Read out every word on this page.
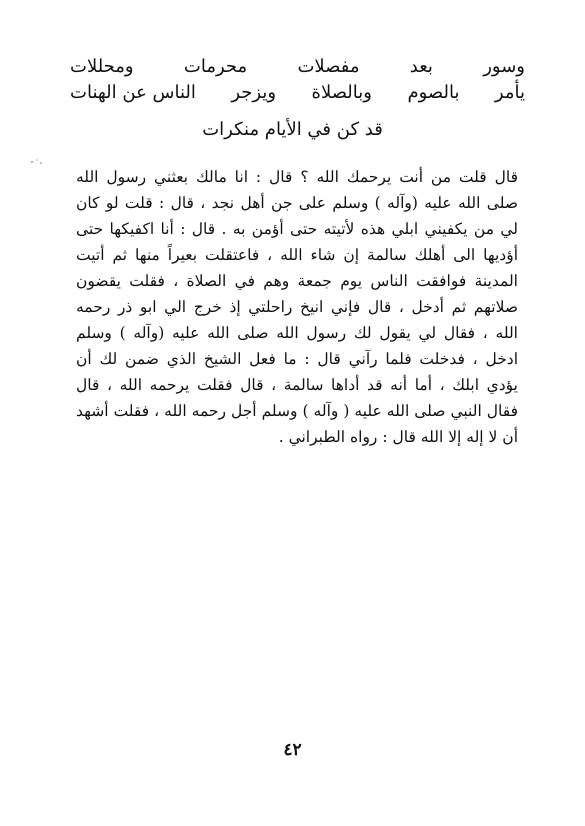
وسور
بعد
مفصلات
محرمات
ومحللات
يأمر
بالصوم
وبالصلاة
ويزجر
الناس عن الهنات
قد كن في الأيام منكرات

قال قلت من أنت يرحمك الله ؟ قال : انا مالك بعثني رسول الله
صلى الله عليه (وآله ) وسلم على جن أهل نجد ، قال : قلت لو كان
لي من يكفيني ابلي هذه لأتيته حتى أؤمن به . قال : أنا اكفيكها حتى
أؤديها الى أهلك سالمة إن شاء الله ، فاعتقلت بعيراً منها ثم أتيت
المدينة فوافقت الناس يوم جمعة وهم في الصلاة ، فقلت يقضون
صلاتهم ثم أدخل ، قال فإني انيخ راحلتي إذ خرج الي ابو ذر رحمه
الله ، فقال لي يقول لك رسول الله صلى الله عليه (وآله ) وسلم
ادخل ، فدخلت فلما رآني قال : ما فعل الشيخ الذي ضمن لك أن
يؤدي ابلك ، أما أنه قد أداها سالمة ، قال فقلت يرحمه الله ، قال
فقال النبي صلى الله عليه ( وآله ) وسلم أجل رحمه الله ، فقلت أشهد
أن لا إله إلا الله قال : رواه الطبراني .

٤٢
